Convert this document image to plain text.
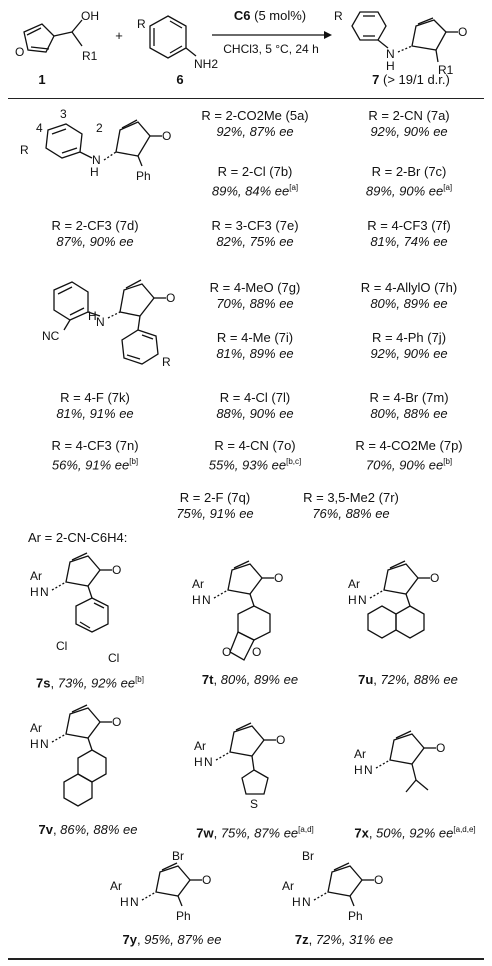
O
OH
R1
1
+
R
NH2
6
C6 (5 mol%)
CHCl3, 5 °C, 24 h
R
N
H
O
R1
7 (> 19/1 d.r.)
3
4	2
R
N
H
O
Ph
R = 2-CO2Me (5a)
92%, 87% ee
R = 2-CN (7a)
92%, 90% ee
R = 2-Cl (7b)
89%, 84% ee[a]
R = 2-Br (7c)
89%, 90% ee[a]
R = 2-CF3 (7d)
87%, 90% ee
R = 3-CF3 (7e)
82%, 75% ee
R = 4-CF3 (7f)
81%, 74% ee
NC
N
H
O
R
R = 4-MeO (7g)
70%, 88% ee
R = 4-AllylO (7h)
80%, 89% ee
R = 4-Me (7i)
81%, 89% ee
R = 4-Ph (7j)
92%, 90% ee
R = 4-F (7k)
81%, 91% ee
R = 4-Cl (7l)
88%, 90% ee
R = 4-Br (7m)
80%, 88% ee
R = 4-CF3 (7n)
56%, 91% ee[b]
R = 4-CN (7o)
55%, 93% ee[b,c]
R = 4-CO2Me (7p)
70%, 90% ee[b]
R = 2-F (7q)
75%, 91% ee
R = 3,5-Me2 (7r)
76%, 88% ee
Ar = 2-CN-C6H4:
Ar
N
H
O
Cl
Cl
7s, 73%, 92% ee[b]
Ar
N
H
O
O O
7t, 80%, 89% ee
Ar
N
H
O
7u, 72%, 88% ee
Ar
N
H
O
7v, 86%, 88% ee
Ar
N
H
O
S
7w, 75%, 87% ee[a,d]
Ar
N
H
O
7x, 50%, 92% ee[a,d,e]
Br
Ar
N
H
O
Ph
7y, 95%, 87% ee
Br
Ar
N
H
O
Ph
7z, 72%, 31% ee
